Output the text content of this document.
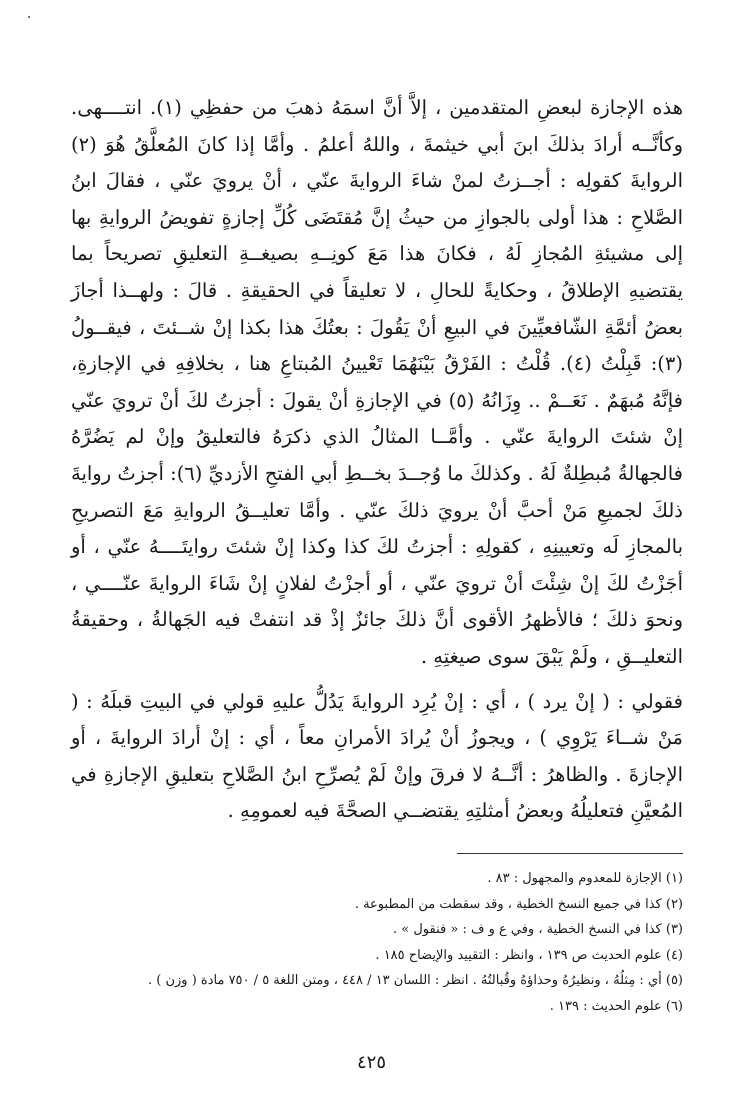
هذه الإجازة لبعضِ المتقدمين ، إلاَّ أنَّ اسمَهُ ذهبَ من حفظِي (١). انتــــهى. وكأنَّــه أرادَ بذلكَ ابنَ أبي خيثمةَ ، واللهُ أعلمُ . وأمَّا إذا كانَ المُعلَّقُ هُوَ (٢) الروايةَ كقولِه : أجــزتُ لمنْ شاءَ الروايةَ عنّي ، أنْ يرويَ عنّي ، فقالَ ابنُ الصَّلاحِ : هذا أولى بالجوازِ من حيثُ إنَّ مُقتَضَى كُلِّ إجازةٍ تفويضُ الروايةِ بها إلى مشيئةِ المُجازِ لَهُ ، فكانَ هذا مَعَ كونِــهِ بصيغــةِ التعليقِ تصريحاً بما يقتضيهِ الإطلاقُ ، وحكايةً للحالِ ، لا تعليقاً في الحقيقةِ . قالَ : ولهــذا أجازَ بعضُ أئمَّةِ الشّافعيِّينَ في البيعِ أنْ يَقُولَ : بعتُكَ هذا بكذا إنْ شــئتَ ، فيقــولُ (٣): قَبِلْتُ (٤). قُلْتُ : الفَرْقُ بَيْنَهُمَا تَعْيينُ المُبتاعِ هنا ، بخلافِهِ في الإجازةِ، فإنَّهُ مُبهَمٌ . نَعَــمْ .. وِزَانُهُ (٥) في الإجازةِ أنْ يقولَ : أجزتُ لكَ أنْ ترويَ عنّي إنْ شئتَ الروايةَ عنّي . وأمَّــا المثالُ الذي ذكرَهُ فالتعليقُ وإنْ لم يَضُرَّهُ فالجهالةُ مُبطِلةٌ لَهُ . وكذلكَ ما وُجــدَ بخــطِ أبي الفتحِ الأزديِّ (٦): أجزتُ روايةَ ذلكَ لجميعِ مَنْ أحبَّ أنْ يرويَ ذلكَ عنّي . وأمَّا تعليــقُ الروايةِ مَعَ التصريحِ بالمجازِ لَه وتعيينِهِ ، كقولِهِ : أجزتُ لكَ كذا وكذا إنْ شئتَ روايتَــــهُ عنّي ، أو أجَزْتُ لكَ إنْ شِئْتَ أنْ ترويَ عنّي ، أو أجزْتُ لفلانٍ إنْ شَاءَ الروايةَ عنّــــي ، ونحوَ ذلكَ ؛ فالأظهرُ الأقوى أنَّ ذلكَ جائزٌ إذْ قد انتفتْ فيه الجَهالةُ ، وحقيقةُ التعليــقِ ، ولَمْ يَبْقَ سوى صيغتِهِ .

فقولي : ( إنْ يرد ) ، أي : إنْ يُرِد الروايةَ يَدُلُّ عليهِ قولي في البيتِ قبلَهُ : ( مَنْ شــاءَ يَرْوِي ) ، ويجوزُ أنْ يُرادَ الأمرانِ معاً ، أي : إنْ أرادَ الروايةَ ، أو الإجازةَ . والظاهرُ : أنَّــهُ لا فرقَ وإنْ لَمْ يُصرِّحِ ابنُ الصَّلاحِ بتعليقِ الإجازةِ في المُعيَّنِ فتعليلُهُ وبعضُ أمثلتِهِ يقتضــي الصحَّةَ فيه لعمومِهِ .

(١) الإجازة للمعدوم والمجهول : ٨٣ .
(٢) كذا في جميع النسخ الخطية ، وقد سقطت من المطبوعة .
(٣) كذا في النسخ الخطية ، وفي ع و ف : « فنقول » .
(٤) علوم الحديث ص ١٣٩ ، وانظر : التقييد والإيضاح ١٨٥ .
(٥) أي : مِثلُهُ ، ونظيرُهُ وحذاؤهُ وقُبالتُهُ . انظر : اللسان ١٣ / ٤٤٨ ، ومتن اللغة ٥ / ٧٥٠ مادة ( وزن ) .
(٦) علوم الحديث : ١٣٩ .
٤٢٥
